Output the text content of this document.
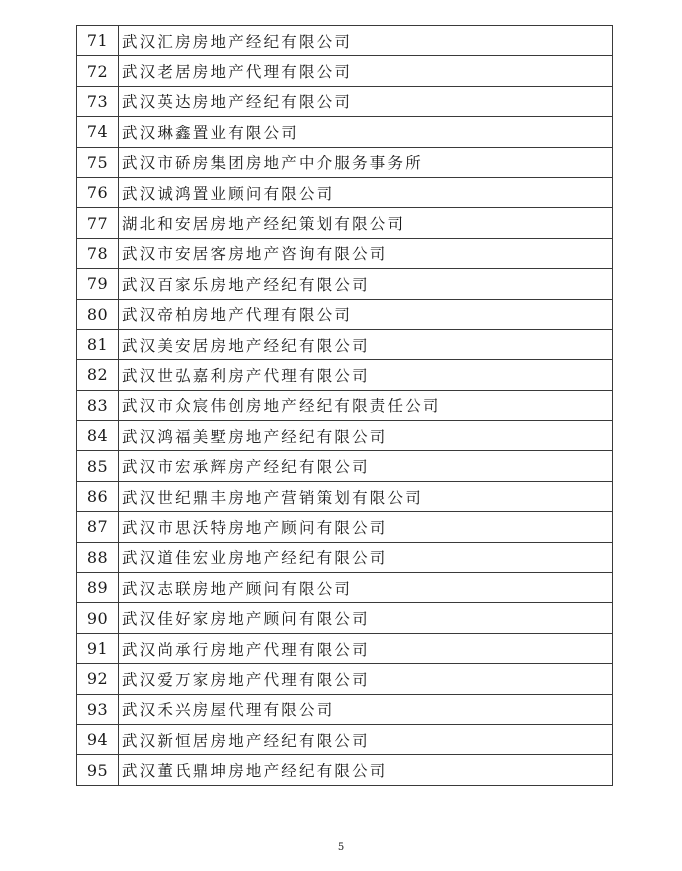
71	武汉汇房房地产经纪有限公司
72	武汉老居房地产代理有限公司
73	武汉英达房地产经纪有限公司
74	武汉琳鑫置业有限公司
75	武汉市硚房集团房地产中介服务事务所
76	武汉诚鸿置业顾问有限公司
77	湖北和安居房地产经纪策划有限公司
78	武汉市安居客房地产咨询有限公司
79	武汉百家乐房地产经纪有限公司
80	武汉帝柏房地产代理有限公司
81	武汉美安居房地产经纪有限公司
82	武汉世弘嘉利房产代理有限公司
83	武汉市众宸伟创房地产经纪有限责任公司
84	武汉鸿福美墅房地产经纪有限公司
85	武汉市宏承辉房产经纪有限公司
86	武汉世纪鼎丰房地产营销策划有限公司
87	武汉市思沃特房地产顾问有限公司
88	武汉道佳宏业房地产经纪有限公司
89	武汉志联房地产顾问有限公司
90	武汉佳好家房地产顾问有限公司
91	武汉尚承行房地产代理有限公司
92	武汉爱万家房地产代理有限公司
93	武汉禾兴房屋代理有限公司
94	武汉新恒居房地产经纪有限公司
95	武汉董氏鼎坤房地产经纪有限公司
5
